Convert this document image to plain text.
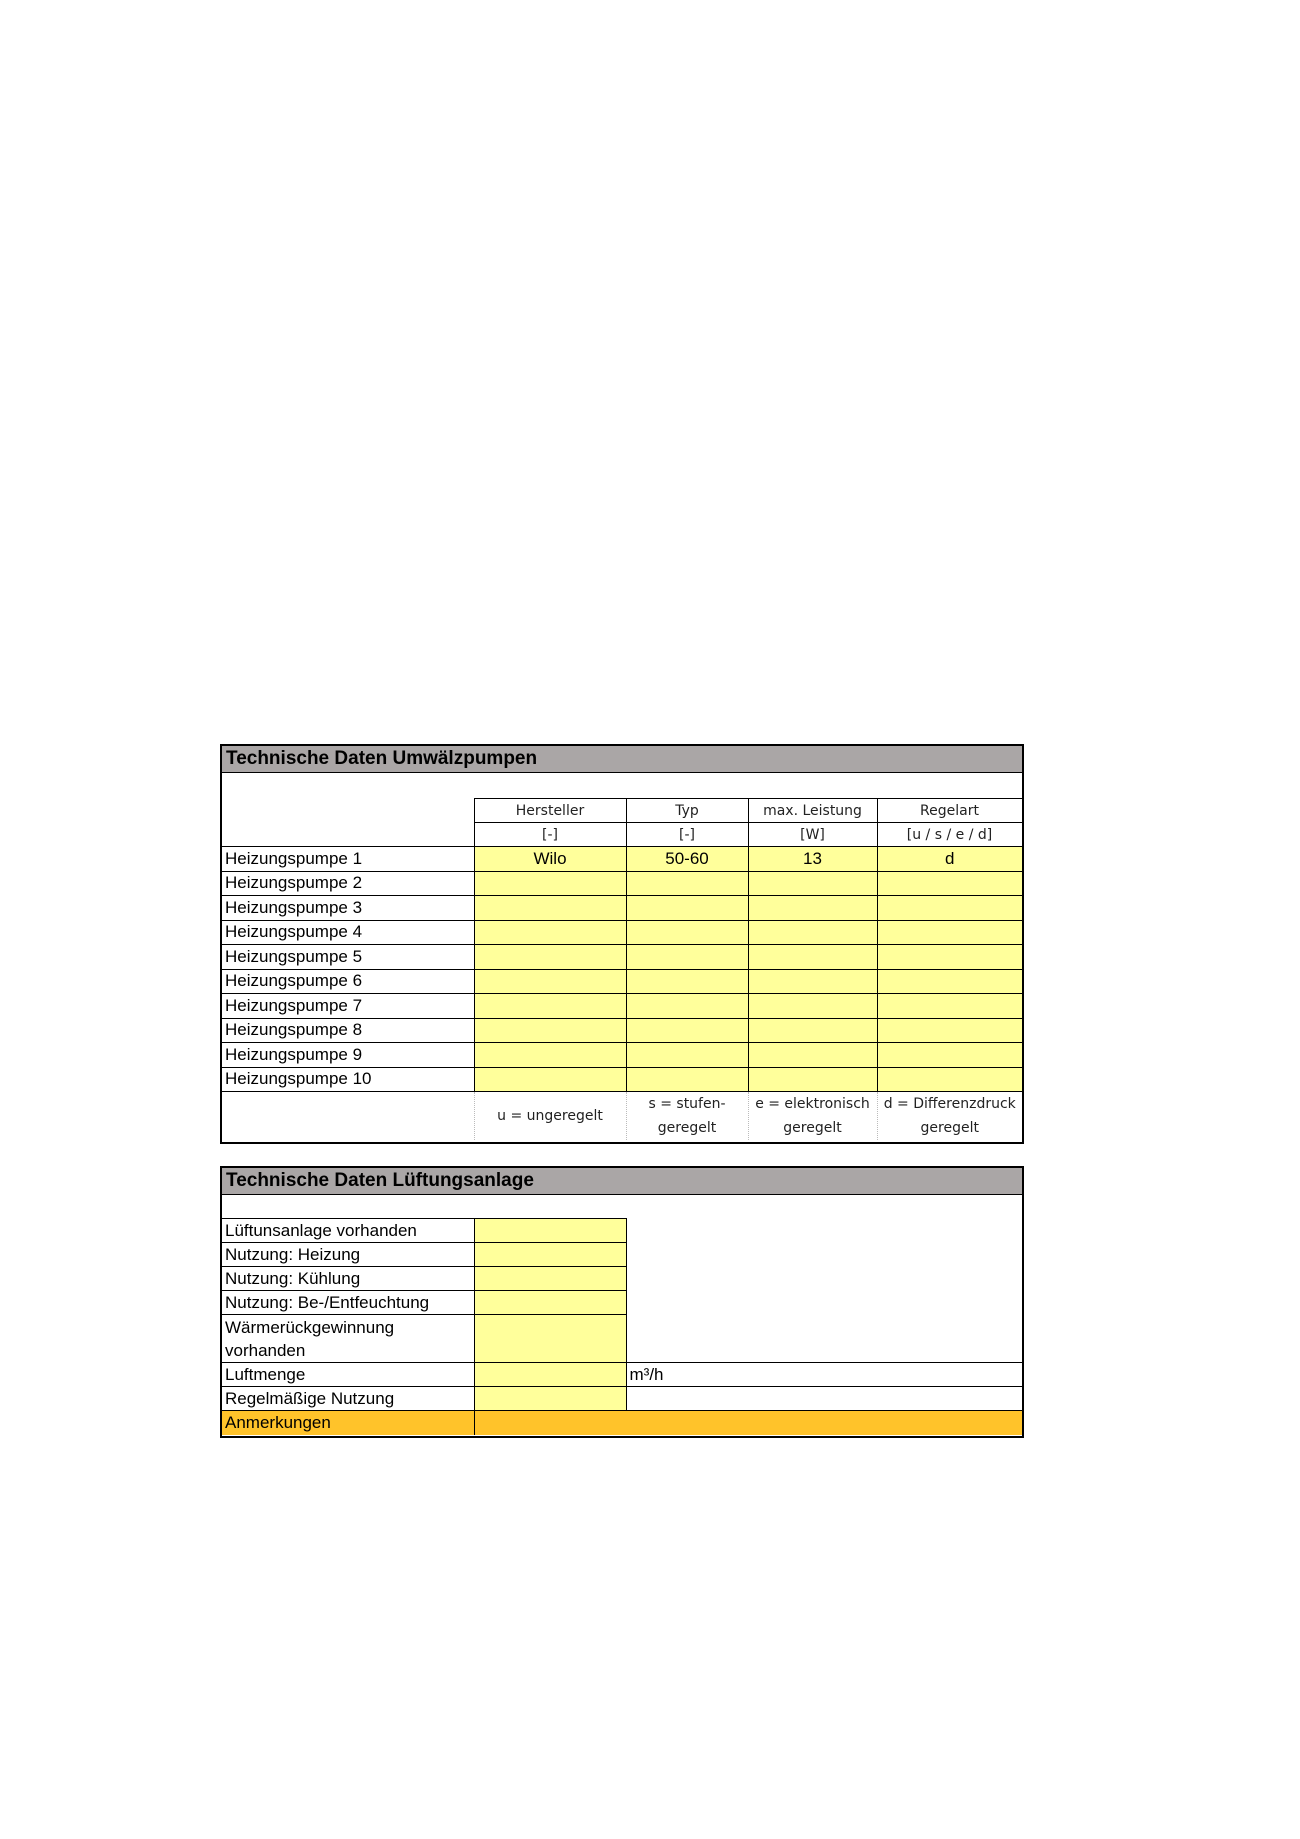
Technische Daten Umwälzpumpen
	Hersteller	Typ	max. Leistung	Regelart
	[-]	[-]	[W]	[u / s / e / d]
Heizungspumpe 1	Wilo	50-60	13	d
Heizungspumpe 2				
Heizungspumpe 3				
Heizungspumpe 4				
Heizungspumpe 5				
Heizungspumpe 6				
Heizungspumpe 7				
Heizungspumpe 8				
Heizungspumpe 9				
Heizungspumpe 10				
	u = ungeregelt	s = stufen-geregelt	e = elektronisch geregelt	d = Differenzdruck geregelt
Technische Daten Lüftungsanlage
Lüftunsanlage vorhanden		
Nutzung: Heizung		
Nutzung: Kühlung		
Nutzung: Be-/Entfeuchtung		
Wärmerückgewinnung vorhanden		
Luftmenge		m³/h
Regelmäßige Nutzung		
Anmerkungen		
